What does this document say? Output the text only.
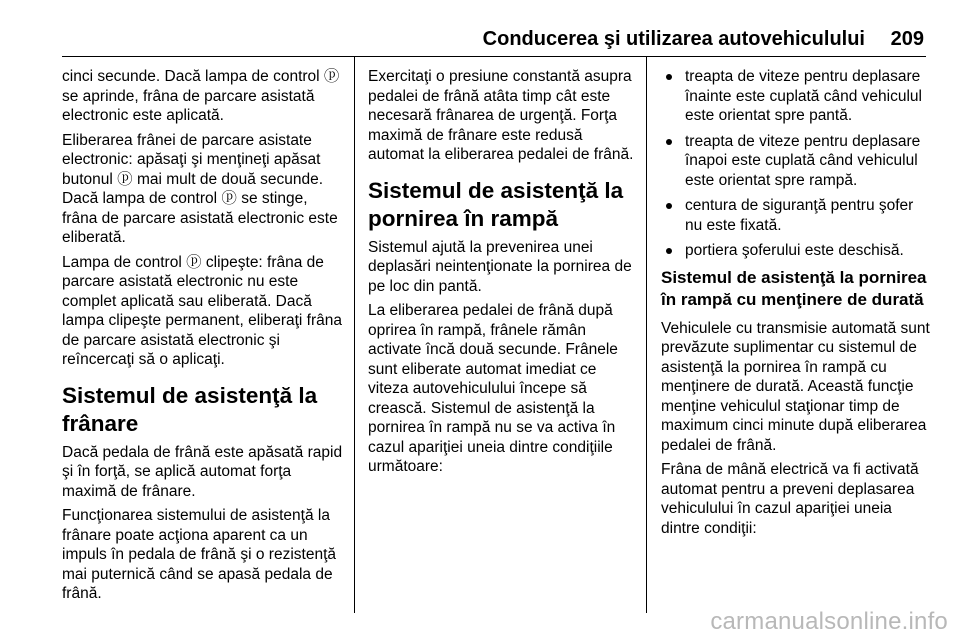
Conducerea şi utilizarea autovehiculului 209

cinci secunde. Dacă lampa de control ⓟ se aprinde, frâna de parcare asistată electronic este aplicată.

Eliberarea frânei de parcare asistate electronic: apăsaţi şi menţineţi apăsat butonul ⓟ mai mult de două secunde. Dacă lampa de control ⓟ se stinge, frâna de parcare asistată electronic este eliberată.

Lampa de control ⓟ clipeşte: frâna de parcare asistată electronic nu este complet aplicată sau eliberată. Dacă lampa clipeşte permanent, eliberaţi frâna de parcare asistată electronic şi reîncercaţi să o aplicaţi.

Sistemul de asistenţă la frânare

Dacă pedala de frână este apăsată rapid şi în forţă, se aplică automat forţa maximă de frânare.

Funcţionarea sistemului de asistenţă la frânare poate acţiona aparent ca un impuls în pedala de frână şi o rezistenţă mai puternică când se apasă pedala de frână.

Exercitaţi o presiune constantă asupra pedalei de frână atâta timp cât este necesară frânarea de urgenţă. Forţa maximă de frânare este redusă automat la eliberarea pedalei de frână.

Sistemul de asistenţă la pornirea în rampă

Sistemul ajută la prevenirea unei deplasări neintenţionate la pornirea de pe loc din pantă.

La eliberarea pedalei de frână după oprirea în rampă, frânele rămân activate încă două secunde. Frânele sunt eliberate automat imediat ce viteza autovehiculului începe să crească. Sistemul de asistenţă la pornirea în rampă nu se va activa în cazul apariţiei uneia dintre condiţiile următoare:

treapta de viteze pentru deplasare înainte este cuplată când vehiculul este orientat spre pantă.
treapta de viteze pentru deplasare înapoi este cuplată când vehiculul este orientat spre rampă.
centura de siguranţă pentru şofer nu este fixată.
portiera şoferului este deschisă.
Sistemul de asistenţă la pornirea în rampă cu menţinere de durată

Vehiculele cu transmisie automată sunt prevăzute suplimentar cu sistemul de asistenţă la pornirea în rampă cu menţinere de durată. Această funcţie menţine vehiculul staţionar timp de maximum cinci minute după eliberarea pedalei de frână.

Frâna de mână electrică va fi activată automat pentru a preveni deplasarea vehiculului în cazul apariţiei uneia dintre condiţii:

carmanualsonline.info
